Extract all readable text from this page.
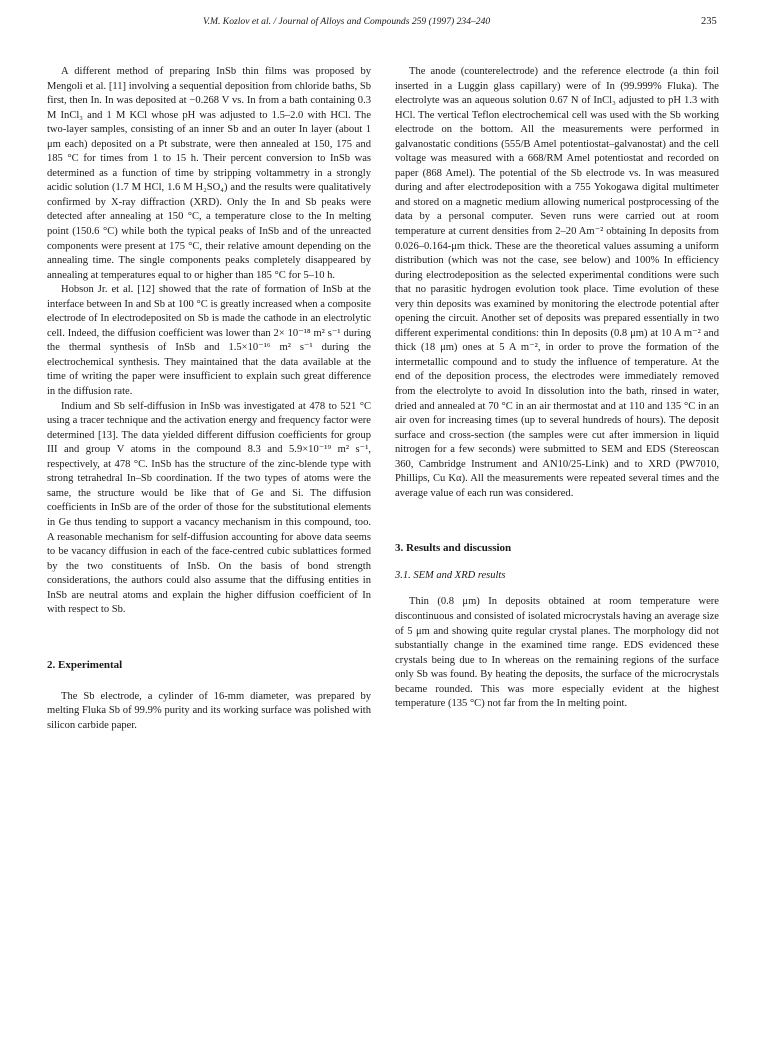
V.M. Kozlov et al. / Journal of Alloys and Compounds 259 (1997) 234–240	235

A different method of preparing InSb thin films was proposed by Mengoli et al. [11] involving a sequential deposition from chloride baths, Sb first, then In. In was deposited at −0.268 V vs. In from a bath containing 0.3 M InCl₃ and 1 M KCl whose pH was adjusted to 1.5–2.0 with HCl. The two-layer samples, consisting of an inner Sb and an outer In layer (about 1 μm each) deposited on a Pt substrate, were then annealed at 150, 175 and 185 °C for times from 1 to 15 h. Their percent conversion to InSb was determined as a function of time by stripping voltammetry in a strongly acidic solution (1.7 M HCl, 1.6 M H₂SO₄) and the results were qualitatively confirmed by X-ray diffraction (XRD). Only the In and Sb peaks were detected after annealing at 150 °C, a temperature close to the In melting point (150.6 °C) while both the typical peaks of InSb and of the unreacted components were present at 175 °C, their relative amount depending on the annealing time. The single components peaks completely disappeared by annealing at temperatures equal to or higher than 185 °C for 5–10 h.

Hobson Jr. et al. [12] showed that the rate of formation of InSb at the interface between In and Sb at 100 °C is greatly increased when a composite electrode of In electrodeposited on Sb is made the cathode in an electrolytic cell. Indeed, the diffusion coefficient was lower than 2× 10⁻¹⁸ m² s⁻¹ during the thermal synthesis of InSb and 1.5×10⁻¹⁶ m² s⁻¹ during the electrochemical synthesis. They maintained that the data available at the time of writing the paper were insufficient to explain such great difference in the diffusion rate.

Indium and Sb self-diffusion in InSb was investigated at 478 to 521 °C using a tracer technique and the activation energy and frequency factor were determined [13]. The data yielded different diffusion coefficients for group III and group V atoms in the compound 8.3 and 5.9×10⁻¹⁹ m² s⁻¹, respectively, at 478 °C. InSb has the structure of the zinc-blende type with strong tetrahedral In–Sb coordination. If the two types of atoms were the same, the structure would be like that of Ge and Si. The diffusion coefficients in InSb are of the order of those for the substitutional elements in Ge thus tending to support a vacancy mechanism in this compound, too. A reasonable mechanism for self-diffusion accounting for above data seems to be vacancy diffusion in each of the face-centred cubic sublattices formed by the two constituents of InSb. On the basis of bond strength considerations, the authors could also assume that the diffusing entities in InSb are neutral atoms and explain the higher diffusion coefficient of In with respect to Sb.

2. Experimental

The Sb electrode, a cylinder of 16-mm diameter, was prepared by melting Fluka Sb of 99.9% purity and its working surface was polished with silicon carbide paper.

The anode (counterelectrode) and the reference electrode (a thin foil inserted in a Luggin glass capillary) were of In (99.999% Fluka). The electrolyte was an aqueous solution 0.67 N of InCl₃ adjusted to pH 1.3 with HCl. The vertical Teflon electrochemical cell was used with the Sb working electrode on the bottom. All the measurements were performed in galvanostatic conditions (555/B Amel potentiostat–galvanostat) and the cell voltage was measured with a 668/RM Amel potentiostat and recorded on paper (868 Amel). The potential of the Sb electrode vs. In was measured during and after electrodeposition with a 755 Yokogawa digital multimeter and stored on a magnetic medium allowing numerical postprocessing of the data by a personal computer. Seven runs were carried out at room temperature at current densities from 2–20 Am⁻² obtaining In deposits from 0.026–0.164-μm thick. These are the theoretical values assuming a uniform distribution (which was not the case, see below) and 100% In efficiency during electrodeposition as the selected experimental conditions were such that no parasitic hydrogen evolution took place. Time evolution of these very thin deposits was examined by monitoring the electrode potential after opening the circuit. Another set of deposits was prepared essentially in two different experimental conditions: thin In deposits (0.8 μm) at 10 A m⁻² and thick (18 μm) ones at 5 A m⁻², in order to prove the formation of the intermetallic compound and to study the influence of temperature. At the end of the deposition process, the electrodes were immediately removed from the electrolyte to avoid In dissolution into the bath, rinsed in water, dried and annealed at 70 °C in an air thermostat and at 110 and 135 °C in an air oven for increasing times (up to several hundreds of hours). The deposit surface and cross-section (the samples were cut after immersion in liquid nitrogen for a few seconds) were submitted to SEM and EDS (Stereoscan 360, Cambridge Instrument and AN10/25-Link) and to XRD (PW7010, Phillips, Cu Kα). All the measurements were repeated several times and the average value of each run was considered.

3. Results and discussion
3.1. SEM and XRD results

Thin (0.8 μm) In deposits obtained at room temperature were discontinuous and consisted of isolated microcrystals having an average size of 5 μm and showing quite regular crystal planes. The morphology did not substantially change in the examined time range. EDS evidenced these crystals being due to In whereas on the remaining regions of the surface only Sb was found. By heating the deposits, the surface of the microcrystals became rounded. This was more especially evident at the highest temperature (135 °C) not far from the In melting point.
